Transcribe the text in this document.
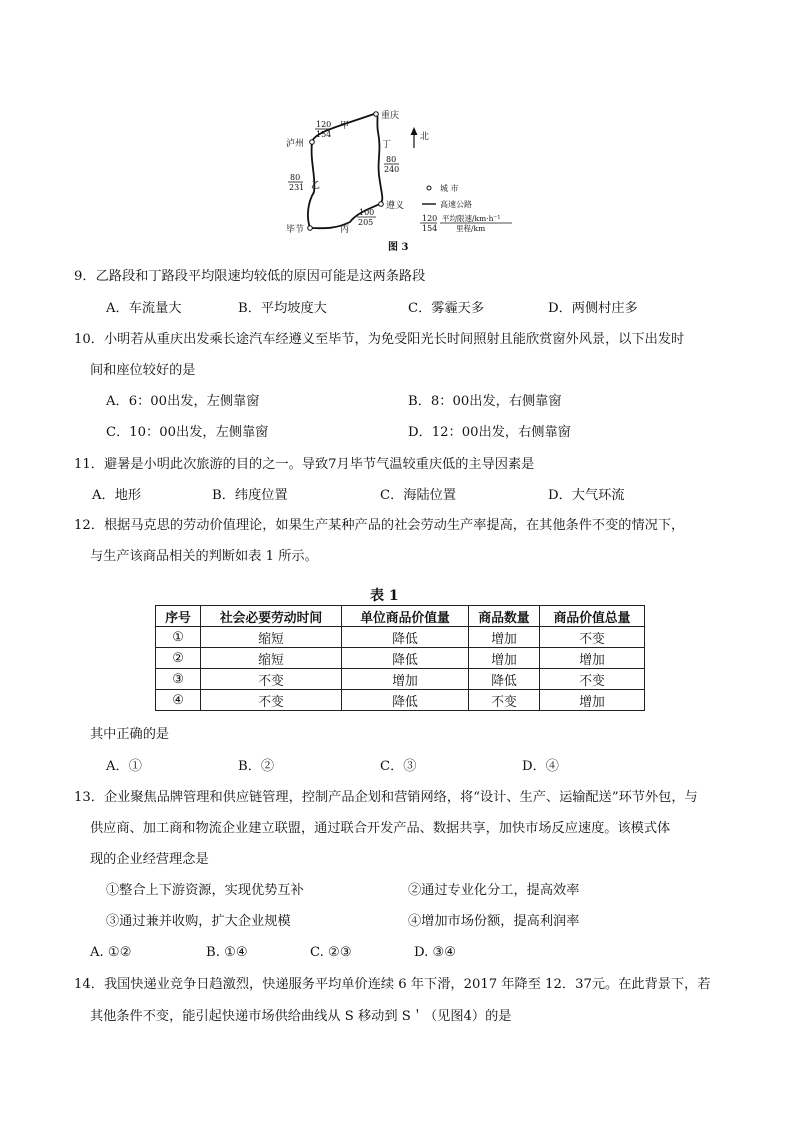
重庆
泸州
遵义
毕节
120
154
甲
丁
80
240
80
231 乙
100
205
丙
北
城 市
高速公路
120
154
平均限速/km·h⁻¹
里程/km
图 3
9．乙路段和丁路段平均限速均较低的原因可能是这两条路段
A．车流量大	B．平均坡度大	C．雾霾天多	D．两侧村庄多
10．小明若从重庆出发乘长途汽车经遵义至毕节，为免受阳光长时间照射且能欣赏窗外风景，以下出发时
间和座位较好的是
A．6：00出发，左侧靠窗	B．8：00出发，右侧靠窗
C．10：00出发，左侧靠窗	D．12：00出发，右侧靠窗
11．避暑是小明此次旅游的目的之一。导致7月毕节气温较重庆低的主导因素是
A．地形	B．纬度位置	C．海陆位置	D．大气环流
12．根据马克思的劳动价值理论，如果生产某种产品的社会劳动生产率提高，在其他条件不变的情况下，
与生产该商品相关的判断如表 1 所示。
表 1
序号	社会必要劳动时间	单位商品价值量	商品数量	商品价值总量
①	缩短	降低	增加	不变
②	缩短	降低	增加	增加
③	不变	增加	降低	不变
④	不变	降低	不变	增加
其中正确的是
A．①	B．②	C．③	D．④
13．企业聚焦品牌管理和供应链管理，控制产品企划和营销网络，将“设计、生产、运输配送”环节外包，与
供应商、加工商和物流企业建立联盟，通过联合开发产品、数据共享，加快市场反应速度。该模式体
现的企业经营理念是
①整合上下游资源，实现优势互补	②通过专业化分工，提高效率
③通过兼并收购，扩大企业规模	④增加市场份额，提高利润率
A. ①②	B. ①④	C. ②③	D. ③④
14．我国快递业竞争日趋激烈，快递服务平均单价连续 6 年下滑，2017 年降至 12．37元。在此背景下，若
其他条件不变，能引起快递市场供给曲线从 S 移动到 S＇（见图4）的是
